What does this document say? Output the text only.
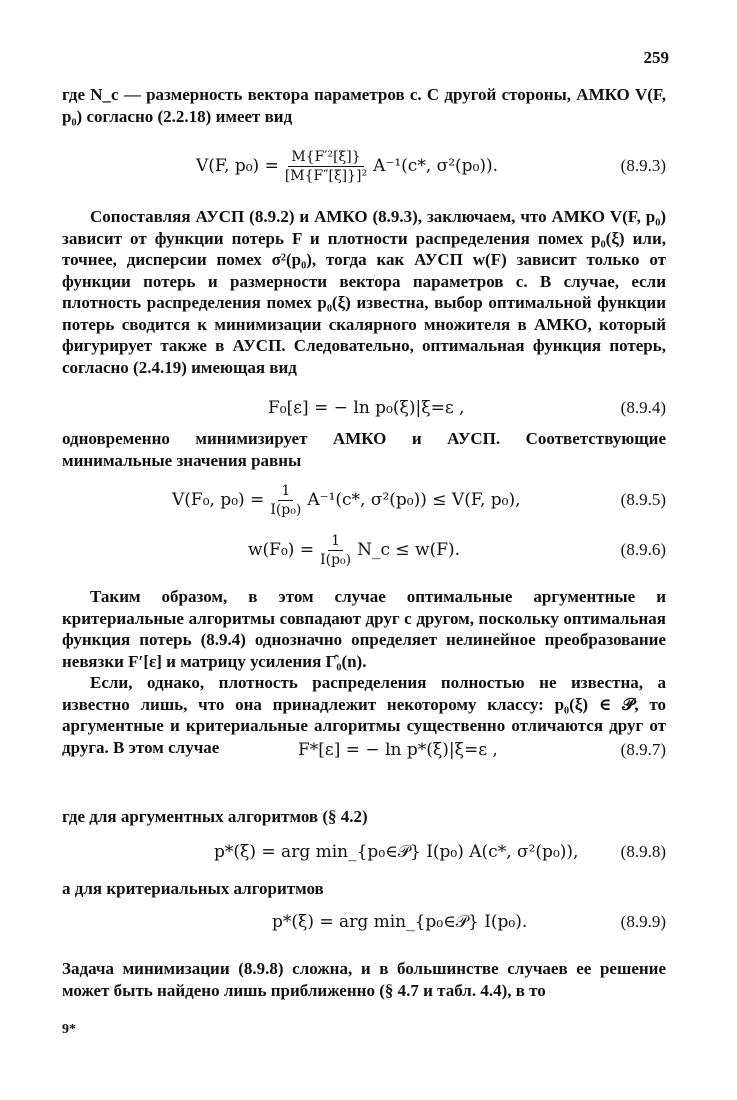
259
где N_c — размерность вектора параметров c. С другой стороны, АМКО V(F, p₀) согласно (2.2.18) имеет вид
V(F, $p_0) = \frac{\text{M\{F′²[ξ]\}}}{\text{[M\{F″[ξ]\}]²}} A^{-1}(c*$, σ²(p₀)).	(8.9.3)
Сопоставляя АУСП (8.9.2) и АМКО (8.9.3), заключаем, что АМКО V(F, p₀) зависит от функции потерь F и плотности распределения помех p₀(ξ) или, точнее, дисперсии помех σ²(p₀), тогда как АУСП w(F) зависит только от функции потерь и размерности вектора параметров c. В случае, если плотность распределения помех p₀(ξ) известна, выбор оптимальной функции потерь сводится к минимизации скалярного множителя в АМКО, который фигурирует также в АУСП. Следовательно, оптимальная функция потерь, согласно (2.4.19) имеющая вид
F₀[ε] = − ln p₀(ξ)|ξ=ε ,	(8.9.4)
одновременно минимизирует АМКО и АУСП. Соответствующие минимальные значения равны
V(F₀, $p_0) = \frac{1}{\text{I(p₀)}} A^{-1}(c*$, σ²(p₀)) ≤ V(F, p₀),	(8.9.5)
$w(F_0) = \frac{1}{\text{I(p₀)}}$ N_c ≤ w(F).	(8.9.6)
Таким образом, в этом случае оптимальные аргументные и критериальные алгоритмы совпадают друг с другом, поскольку оптимальная функция потерь (8.9.4) однозначно определяет нелинейное преобразование невязки F′[ε] и матрицу усиления Γ̂₀(n).
Если, однако, плотность распределения полностью не известна, а известно лишь, что она принадлежит некоторому классу: p₀(ξ) ∈ 𝒫, то аргументные и критериальные алгоритмы существенно отличаются друг от друга. В этом случае	F*[ε] = − ln p*(ξ)|ξ=ε ,	(8.9.7)
где для аргументных алгоритмов (§ 4.2)
p*(ξ) = arg min_{p₀∈𝒫} I(p₀) A(c*, σ²(p₀)), (8.9.8)
а для критериальных алгоритмов
p*(ξ) = arg min_{p₀∈𝒫} I(p₀).	(8.9.9)
Задача минимизации (8.9.8) сложна, и в большинстве случаев ее решение может быть найдено лишь приближенно (§ 4.7 и табл. 4.4), в то
9*
